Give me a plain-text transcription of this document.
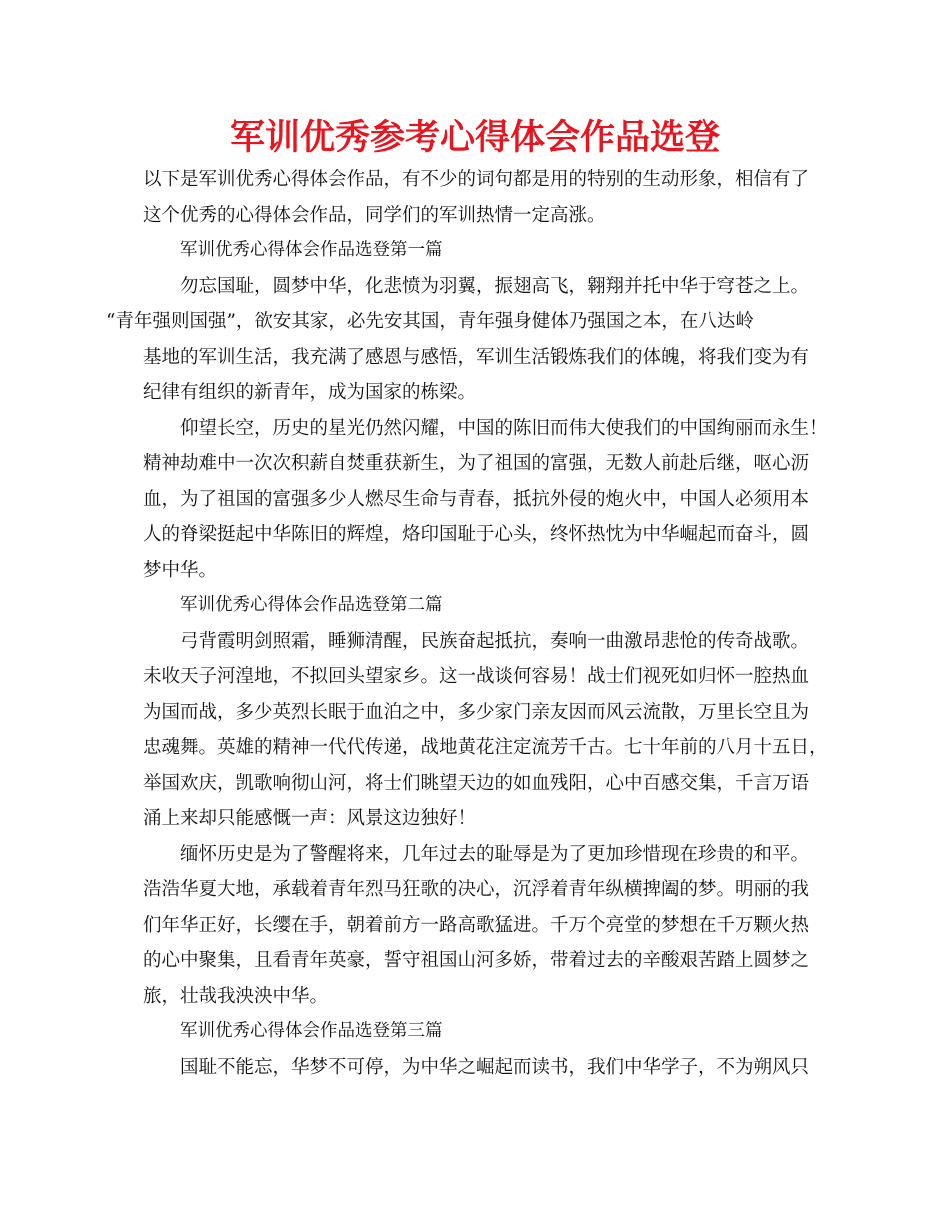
军训优秀参考心得体会作品选登

以下是军训优秀心得体会作品，有不少的词句都是用的特别的生动形象，相信有了
这个优秀的心得体会作品，同学们的军训热情一定高涨。

军训优秀心得体会作品选登第一篇

勿忘国耻，圆梦中华，化悲愤为羽翼，振翅高飞，翱翔并托中华于穹苍之上。
“青年强则国强”，欲安其家，必先安其国，青年强身健体乃强国之本，在八达岭
基地的军训生活，我充满了感恩与感悟，军训生活锻炼我们的体魄，将我们变为有
纪律有组织的新青年，成为国家的栋梁。

仰望长空，历史的星光仍然闪耀，中国的陈旧而伟大使我们的中国绚丽而永生！
精神劫难中一次次积薪自焚重获新生，为了祖国的富强，无数人前赴后继，呕心沥
血，为了祖国的富强多少人燃尽生命与青春，抵抗外侵的炮火中，中国人必须用本
人的脊梁挺起中华陈旧的辉煌，烙印国耻于心头，终怀热忱为中华崛起而奋斗，圆
梦中华。

军训优秀心得体会作品选登第二篇

弓背霞明剑照霜，睡狮清醒，民族奋起抵抗，奏响一曲激昂悲怆的传奇战歌。
未收天子河湟地，不拟回头望家乡。这一战谈何容易！战士们视死如归怀一腔热血
为国而战，多少英烈长眠于血泊之中，多少家门亲友因而风云流散，万里长空且为
忠魂舞。英雄的精神一代代传递，战地黄花注定流芳千古。七十年前的八月十五日，
举国欢庆，凯歌响彻山河，将士们眺望天边的如血残阳，心中百感交集，千言万语
涌上来却只能感慨一声：风景这边独好！

缅怀历史是为了警醒将来，几年过去的耻辱是为了更加珍惜现在珍贵的和平。
浩浩华夏大地，承载着青年烈马狂歌的决心，沉浮着青年纵横捭阖的梦。明丽的我
们年华正好，长缨在手，朝着前方一路高歌猛进。千万个亮堂的梦想在千万颗火热
的心中聚集，且看青年英豪，誓守祖国山河多娇，带着过去的辛酸艰苦踏上圆梦之
旅，壮哉我泱泱中华。

军训优秀心得体会作品选登第三篇

国耻不能忘，华梦不可停，为中华之崛起而读书，我们中华学子，不为朔风只
